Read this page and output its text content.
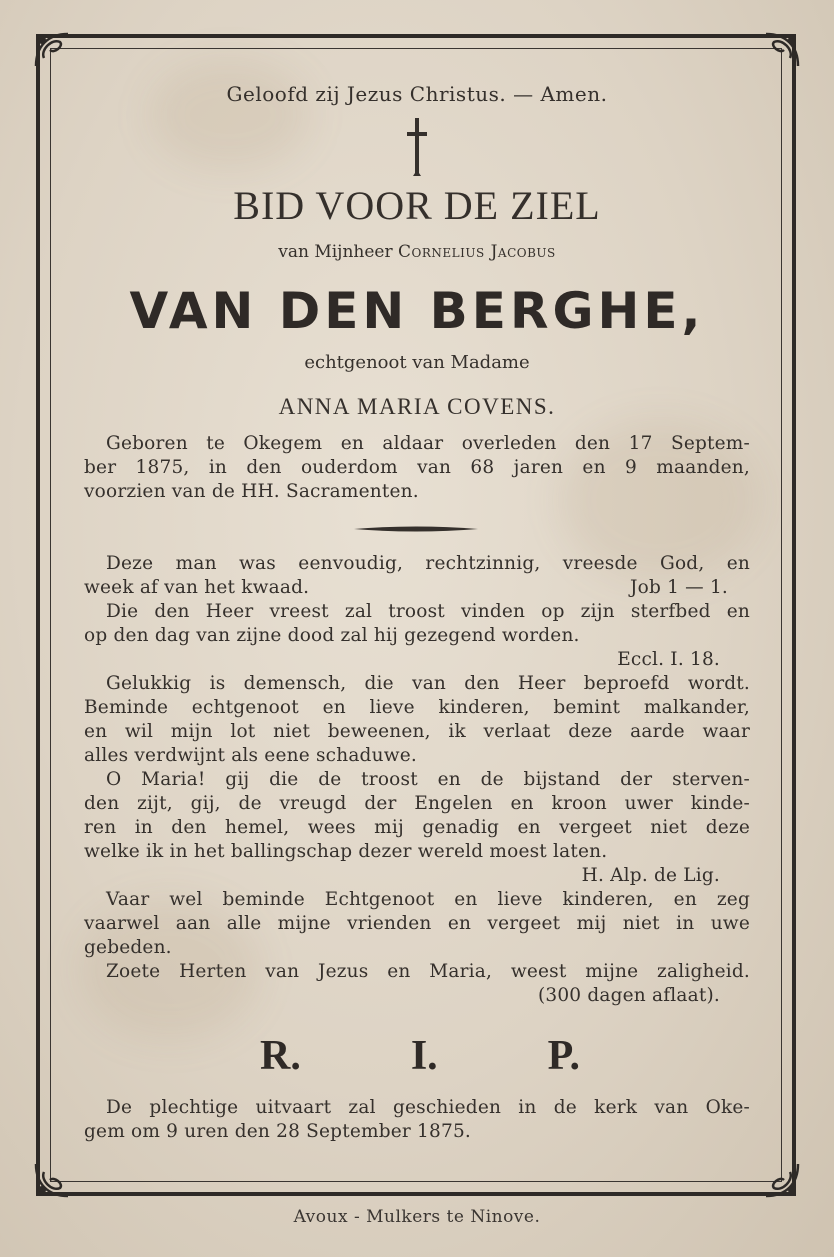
Geloofd zij Jezus Christus. — Amen.
BID VOOR DE ZIEL
van Mijnheer Cornelius Jacobus
VAN DEN BERGHE,
echtgenoot van Madame
ANNA MARIA COVENS.
Geboren te Okegem en aldaar overleden den 17 Septem-
ber 1875, in den ouderdom van 68 jaren en 9 maanden,
voorzien van de HH. Sacramenten.
Deze man was eenvoudig, rechtzinnig, vreesde God, en
week af van het kwaad.	Job 1 — 1.
Die den Heer vreest zal troost vinden op zijn sterfbed en
op den dag van zijne dood zal hij gezegend worden.
Eccl. I. 18.
Gelukkig is demensch, die van den Heer beproefd wordt.
Beminde echtgenoot en lieve kinderen, bemint malkander,
en wil mijn lot niet beweenen, ik verlaat deze aarde waar
alles verdwijnt als eene schaduwe.
O Maria! gij die de troost en de bijstand der sterven-
den zijt, gij, de vreugd der Engelen en kroon uwer kinde-
ren in den hemel, wees mij genadig en vergeet niet deze
welke ik in het ballingschap dezer wereld moest laten.
H. Alp. de Lig.
Vaar wel beminde Echtgenoot en lieve kinderen, en zeg
vaarwel aan alle mijne vrienden en vergeet mij niet in uwe
gebeden.
Zoete Herten van Jezus en Maria, weest mijne zaligheid.
(300 dagen aflaat).
R.	I.	P.
De plechtige uitvaart zal geschieden in de kerk van Oke-
gem om 9 uren den 28 September 1875.
Avoux - Mulkers te Ninove.
